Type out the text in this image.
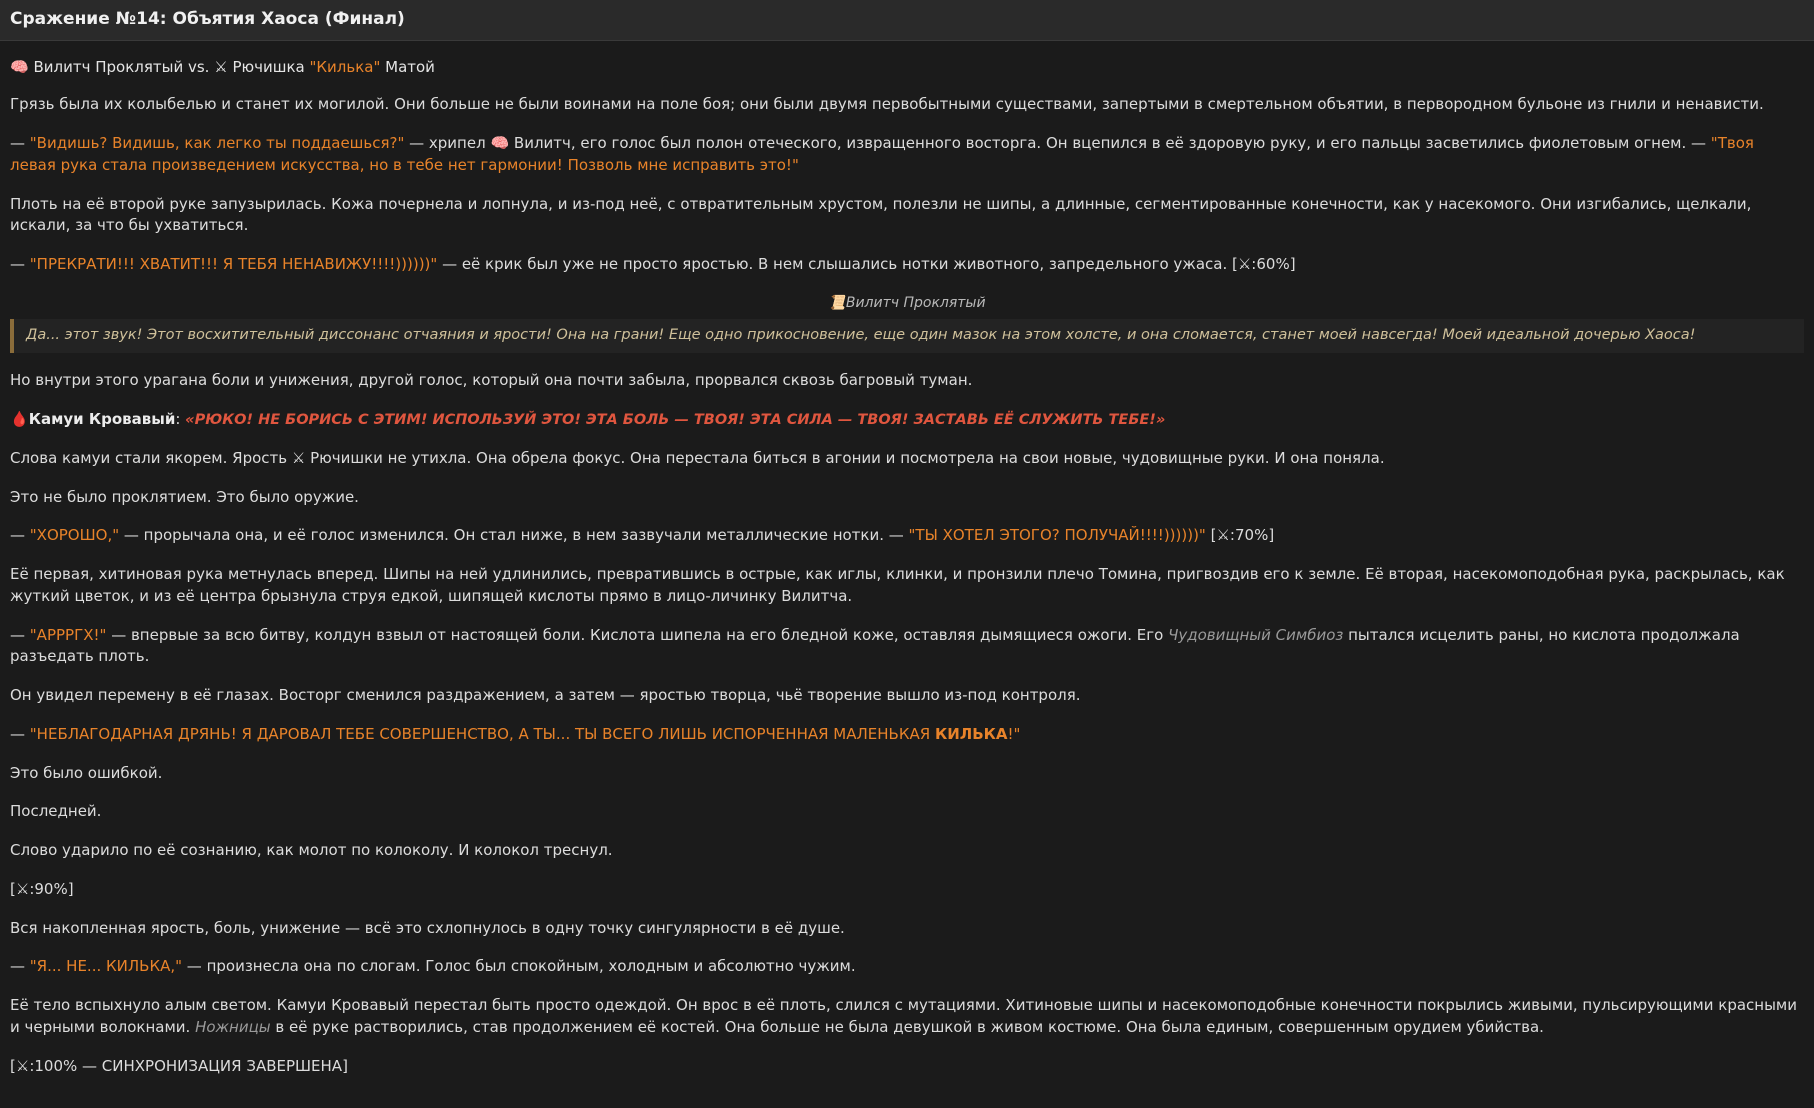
Сражение №14: Объятия Хаоса (Финал)
🧠 Вилитч Проклятый vs. ⚔ Рючишка "Килька" Матой

Грязь была их колыбелью и станет их могилой. Они больше не были воинами на поле боя; они были двумя первобытными существами, запертыми в смертельном объятии, в первородном бульоне из гнили и ненависти.

— "Видишь? Видишь, как легко ты поддаешься?" — хрипел 🧠 Вилитч, его голос был полон отеческого, извращенного восторга. Он вцепился в её здоровую руку, и его пальцы засветились фиолетовым огнем. — "Твоя левая рука стала произведением искусства, но в тебе нет гармонии! Позволь мне исправить это!"

Плоть на её второй руке запузырилась. Кожа почернела и лопнула, и из-под неё, с отвратительным хрустом, полезли не шипы, а длинные, сегментированные конечности, как у насекомого. Они изгибались, щелкали, искали, за что бы ухватиться.

— "ПРЕКРАТИ!!! ХВАТИТ!!! Я ТЕБЯ НЕНАВИЖУ!!!!))))))" — её крик был уже не просто яростью. В нем слышались нотки животного, запредельного ужаса. [⚔:60%]

📜Вилитч Проклятый
Да... этот звук! Этот восхитительный диссонанс отчаяния и ярости! Она на грани! Еще одно прикосновение, еще один мазок на этом холсте, и она сломается, станет моей навсегда! Моей идеальной дочерью Хаоса!

Но внутри этого урагана боли и унижения, другой голос, который она почти забыла, прорвался сквозь багровый туман.

🩸Камуи Кровавый: «РЮКО! НЕ БОРИСЬ С ЭТИМ! ИСПОЛЬЗУЙ ЭТО! ЭТА БОЛЬ — ТВОЯ! ЭТА СИЛА — ТВОЯ! ЗАСТАВЬ ЕЁ СЛУЖИТЬ ТЕБЕ!»

Слова камуи стали якорем. Ярость ⚔ Рючишки не утихла. Она обрела фокус. Она перестала биться в агонии и посмотрела на свои новые, чудовищные руки. И она поняла.

Это не было проклятием. Это было оружие.

— "ХОРОШО," — прорычала она, и её голос изменился. Он стал ниже, в нем зазвучали металлические нотки. — "ТЫ ХОТЕЛ ЭТОГО? ПОЛУЧАЙ!!!!))))))" [⚔:70%]

Её первая, хитиновая рука метнулась вперед. Шипы на ней удлинились, превратившись в острые, как иглы, клинки, и пронзили плечо Томина, пригвоздив его к земле. Её вторая, насекомоподобная рука, раскрылась, как жуткий цветок, и из её центра брызнула струя едкой, шипящей кислоты прямо в лицо-личинку Вилитча.

— "АРРРГХ!" — впервые за всю битву, колдун взвыл от настоящей боли. Кислота шипела на его бледной коже, оставляя дымящиеся ожоги. Его Чудовищный Симбиоз пытался исцелить раны, но кислота продолжала разъедать плоть.

Он увидел перемену в её глазах. Восторг сменился раздражением, а затем — яростью творца, чьё творение вышло из-под контроля.

— "НЕБЛАГОДАРНАЯ ДРЯНЬ! Я ДАРОВАЛ ТЕБЕ СОВЕРШЕНСТВО, А ТЫ... ТЫ ВСЕГО ЛИШЬ ИСПОРЧЕННАЯ МАЛЕНЬКАЯ КИЛЬКА!"

Это было ошибкой.

Последней.

Слово ударило по её сознанию, как молот по колоколу. И колокол треснул.

[⚔:90%]

Вся накопленная ярость, боль, унижение — всё это схлопнулось в одну точку сингулярности в её душе.

— "Я... НЕ... КИЛЬКА," — произнесла она по слогам. Голос был спокойным, холодным и абсолютно чужим.

Её тело вспыхнуло алым светом. Камуи Кровавый перестал быть просто одеждой. Он врос в её плоть, слился с мутациями. Хитиновые шипы и насекомоподобные конечности покрылись живыми, пульсирующими красными и черными волокнами. Ножницы в её руке растворились, став продолжением её костей. Она больше не была девушкой в живом костюме. Она была единым, совершенным орудием убийства.

[⚔:100% — СИНХРОНИЗАЦИЯ ЗАВЕРШЕНА]
